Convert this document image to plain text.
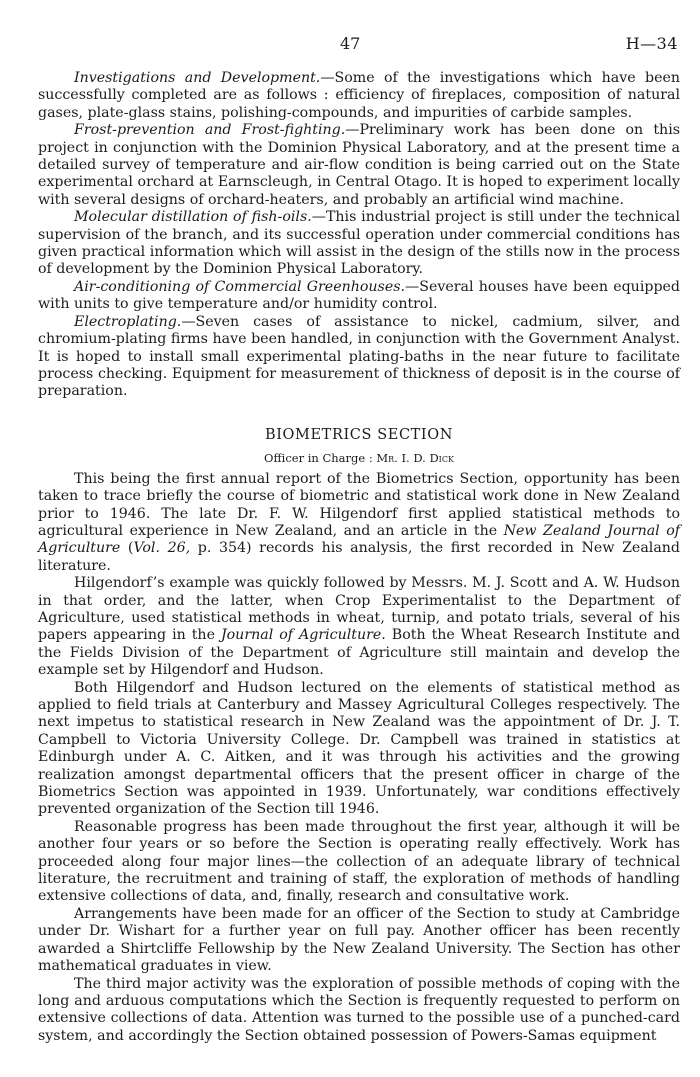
47	H—34

Investigations and Development.—Some of the investigations which have been successfully completed are as follows : efficiency of fireplaces, composition of natural gases, plate-glass stains, polishing-compounds, and impurities of carbide samples.

Frost-prevention and Frost-fighting.—Preliminary work has been done on this project in conjunction with the Dominion Physical Laboratory, and at the present time a detailed survey of temperature and air-flow condition is being carried out on the State experimental orchard at Earnscleugh, in Central Otago. It is hoped to experiment locally with several designs of orchard-heaters, and probably an artificial wind machine.

Molecular distillation of fish-oils.—This industrial project is still under the technical supervision of the branch, and its successful operation under commercial conditions has given practical information which will assist in the design of the stills now in the process of development by the Dominion Physical Laboratory.

Air-conditioning of Commercial Greenhouses.—Several houses have been equipped with units to give temperature and/or humidity control.

Electroplating.—Seven cases of assistance to nickel, cadmium, silver, and chromium-plating firms have been handled, in conjunction with the Government Analyst. It is hoped to install small experimental plating-baths in the near future to facilitate process checking. Equipment for measurement of thickness of deposit is in the course of preparation.

BIOMETRICS SECTION
Officer in Charge : Mr. I. D. Dick

This being the first annual report of the Biometrics Section, opportunity has been taken to trace briefly the course of biometric and statistical work done in New Zealand prior to 1946. The late Dr. F. W. Hilgendorf first applied statistical methods to agricultural experience in New Zealand, and an article in the New Zealand Journal of Agriculture (Vol. 26, p. 354) records his analysis, the first recorded in New Zealand literature.

Hilgendorf’s example was quickly followed by Messrs. M. J. Scott and A. W. Hudson in that order, and the latter, when Crop Experimentalist to the Department of Agriculture, used statistical methods in wheat, turnip, and potato trials, several of his papers appearing in the Journal of Agriculture. Both the Wheat Research Institute and the Fields Division of the Department of Agriculture still maintain and develop the example set by Hilgendorf and Hudson.

Both Hilgendorf and Hudson lectured on the elements of statistical method as applied to field trials at Canterbury and Massey Agricultural Colleges respectively. The next impetus to statistical research in New Zealand was the appointment of Dr. J. T. Campbell to Victoria University College. Dr. Campbell was trained in statistics at Edinburgh under A. C. Aitken, and it was through his activities and the growing realization amongst departmental officers that the present officer in charge of the Biometrics Section was appointed in 1939. Unfortunately, war conditions effectively prevented organization of the Section till 1946.

Reasonable progress has been made throughout the first year, although it will be another four years or so before the Section is operating really effectively. Work has proceeded along four major lines—the collection of an adequate library of technical literature, the recruitment and training of staff, the exploration of methods of handling extensive collections of data, and, finally, research and consultative work.

Arrangements have been made for an officer of the Section to study at Cambridge under Dr. Wishart for a further year on full pay. Another officer has been recently awarded a Shirtcliffe Fellowship by the New Zealand University. The Section has other mathematical graduates in view.

The third major activity was the exploration of possible methods of coping with the long and arduous computations which the Section is frequently requested to perform on extensive collections of data. Attention was turned to the possible use of a punched-card system, and accordingly the Section obtained possession of Powers-Samas equipment
